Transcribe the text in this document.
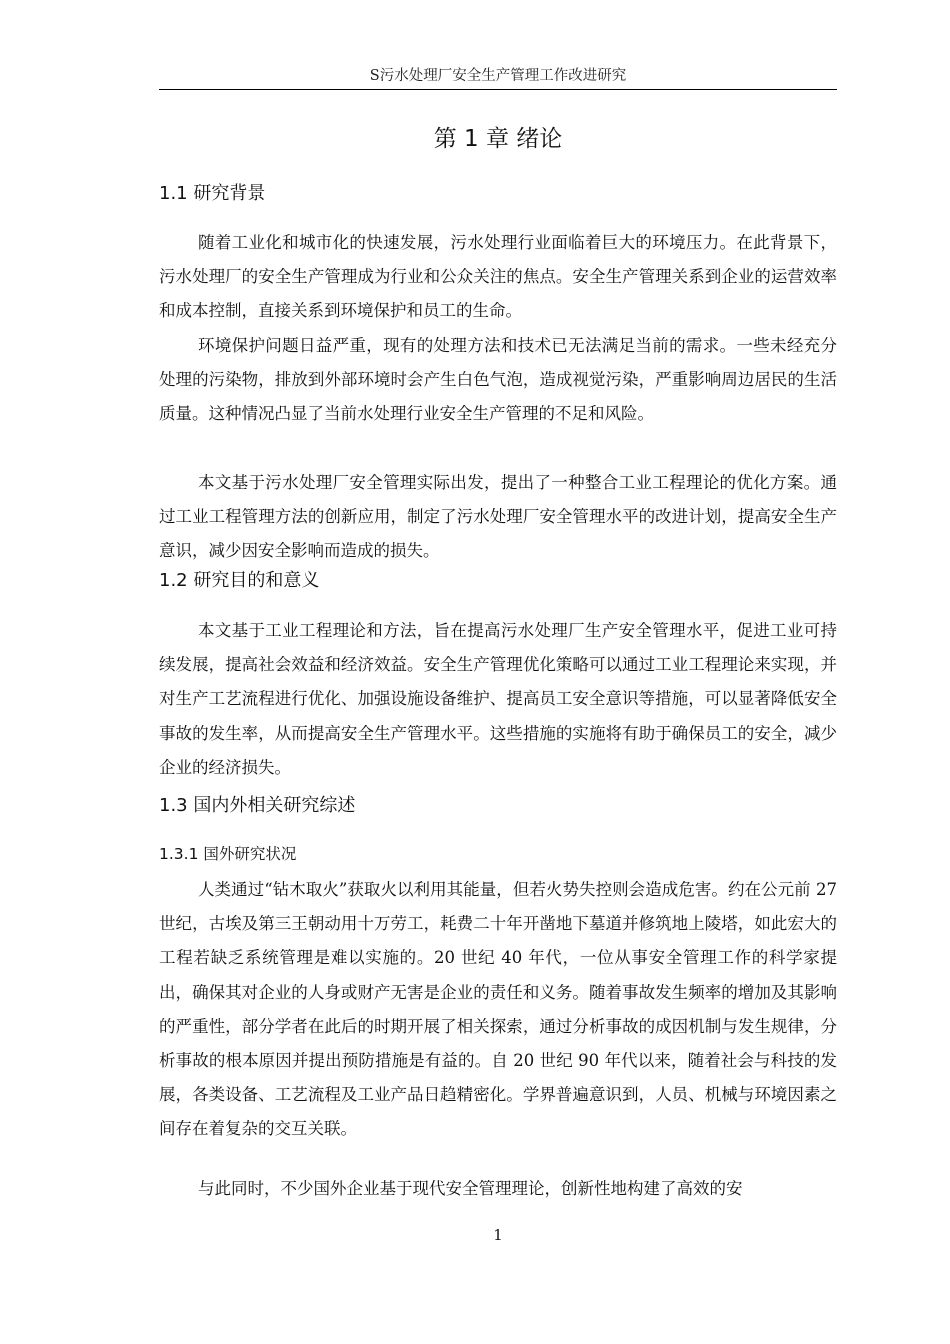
S污水处理厂安全生产管理工作改进研究
第 1 章 绪论
1.1 研究背景

随着工业化和城市化的快速发展，污水处理行业面临着巨大的环境压力。在此背景下，污水处理厂的安全生产管理成为行业和公众关注的焦点。安全生产管理关系到企业的运营效率和成本控制，直接关系到环境保护和员工的生命。

环境保护问题日益严重，现有的处理方法和技术已无法满足当前的需求。一些未经充分处理的污染物，排放到外部环境时会产生白色气泡，造成视觉污染，严重影响周边居民的生活质量。这种情况凸显了当前水处理行业安全生产管理的不足和风险。

本文基于污水处理厂安全管理实际出发，提出了一种整合工业工程理论的优化方案。通过工业工程管理方法的创新应用，制定了污水处理厂安全管理水平的改进计划，提高安全生产意识，减少因安全影响而造成的损失。

1.2 研究目的和意义

本文基于工业工程理论和方法，旨在提高污水处理厂生产安全管理水平，促进工业可持续发展，提高社会效益和经济效益。安全生产管理优化策略可以通过工业工程理论来实现，并对生产工艺流程进行优化、加强设施设备维护、提高员工安全意识等措施，可以显著降低安全事故的发生率，从而提高安全生产管理水平。这些措施的实施将有助于确保员工的安全，减少企业的经济损失。

1.3 国内外相关研究综述
1.3.1 国外研究状况

人类通过“钻木取火”获取火以利用其能量，但若火势失控则会造成危害。约在公元前 27 世纪，古埃及第三王朝动用十万劳工，耗费二十年开凿地下墓道并修筑地上陵塔，如此宏大的工程若缺乏系统管理是难以实施的。20 世纪 40 年代，一位从事安全管理工作的科学家提出，确保其对企业的人身或财产无害是企业的责任和义务。随着事故发生频率的增加及其影响的严重性，部分学者在此后的时期开展了相关探索，通过分析事故的成因机制与发生规律，分析事故的根本原因并提出预防措施是有益的。自 20 世纪 90 年代以来，随着社会与科技的发展，各类设备、工艺流程及工业产品日趋精密化。学界普遍意识到，人员、机械与环境因素之间存在着复杂的交互关联。

与此同时，不少国外企业基于现代安全管理理论，创新性地构建了高效的安

1
